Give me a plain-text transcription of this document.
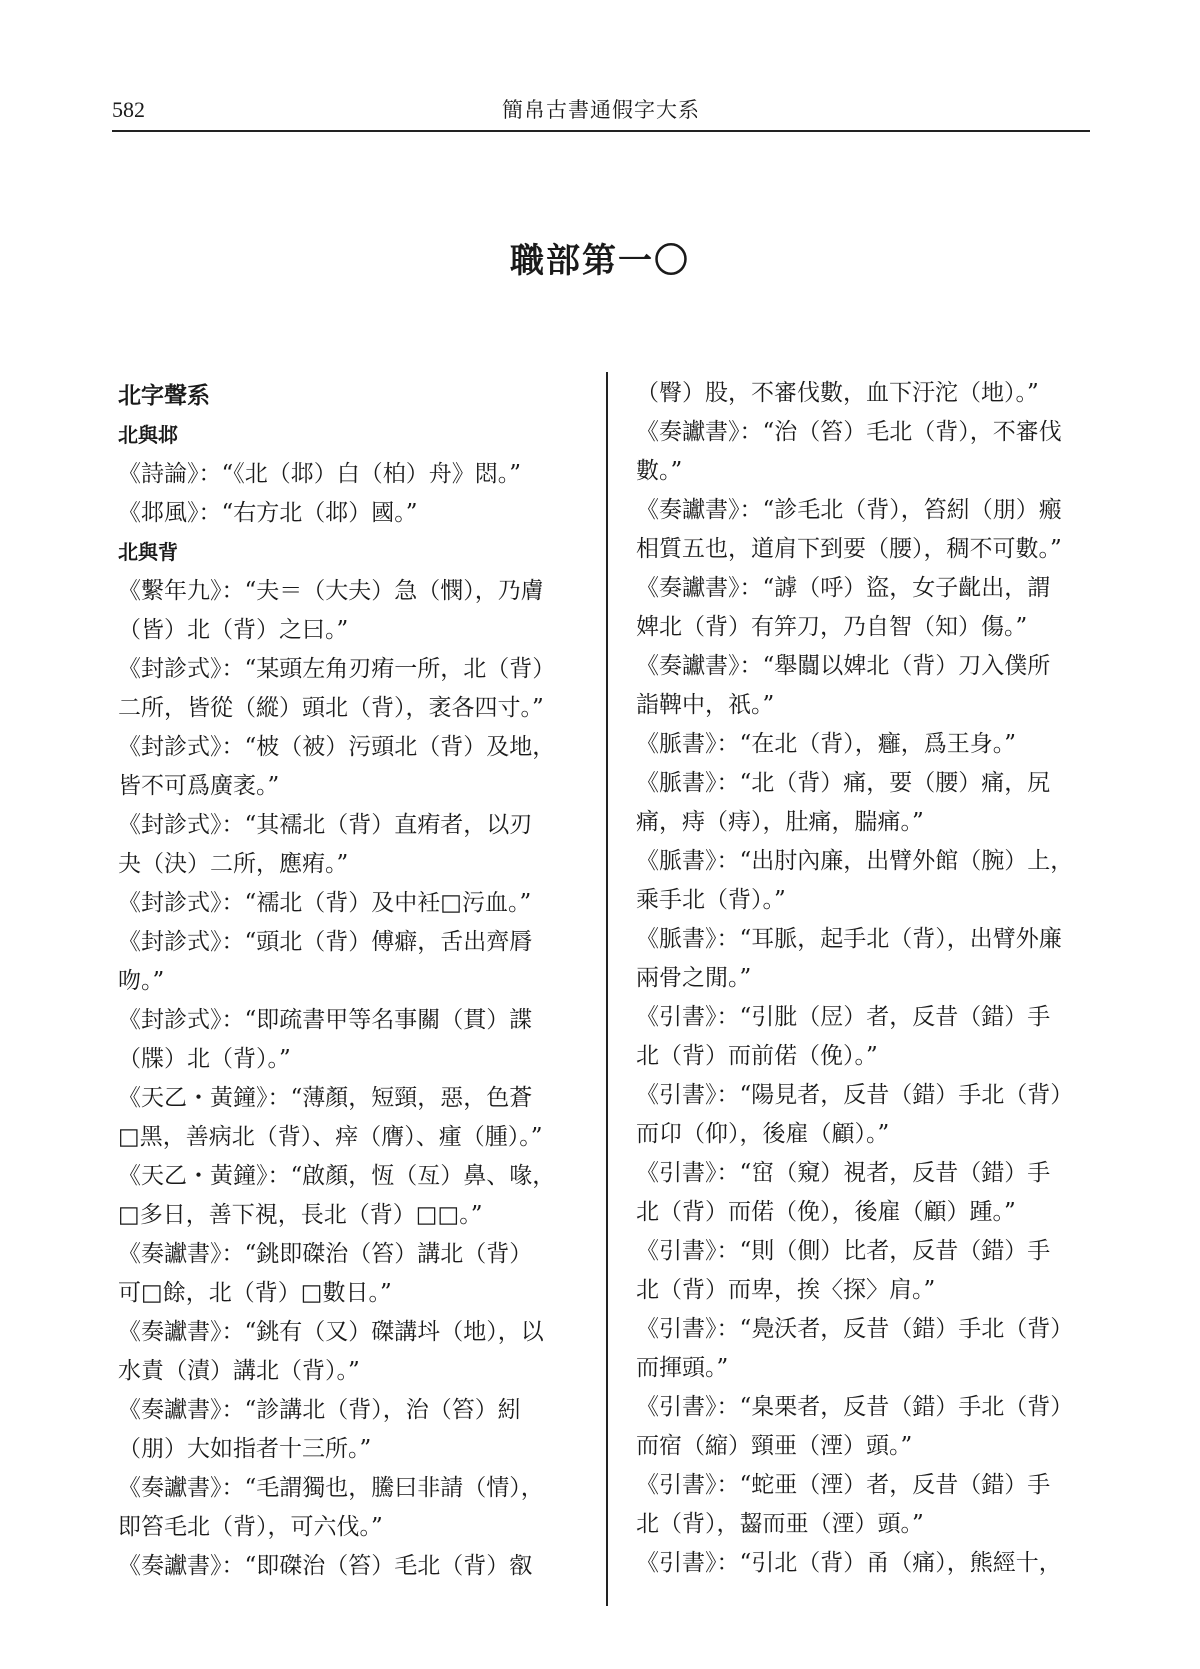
582	簡帛古書通假字大系
職部第一〇
北字聲系
北與邶
《詩論》：“《北（邶）白（柏）舟》悶。”
《邶風》：“右方北（邶）國。”
北與背
《繫年九》：“夫＝（大夫）急（憫），乃膚
（皆）北（背）之曰。”
《封診式》：“某頭左角刃痏一所，北（背）
二所，皆從（縱）頭北（背），袤各四寸。”
《封診式》：“柀（被）污頭北（背）及地，
皆不可爲廣袤。”
《封診式》：“其襦北（背）直痏者，以刃
夬（決）二所，應痏。”
《封診式》：“襦北（背）及中衽□污血。”
《封診式》：“頭北（背）傅癖，舌出齊脣
吻。”
《封診式》：“即疏書甲等名事關（貫）諜
（牒）北（背）。”
《天乙・黃鐘》：“薄顏，短頸，惡，色蒼
□黑，善病北（背）、㾕（膺）、瘇（腫）。”
《天乙・黃鐘》：“啟顏，恆（亙）鼻、喙，
□多日，善下視，長北（背）□□。”
《奏讞書》：“銚即磔治（笞）講北（背）
可□餘，北（背）□數日。”
《奏讞書》：“銚有（又）磔講㘰（地），以
水責（漬）講北（背）。”
《奏讞書》：“診講北（背），治（笞）紖
（朋）大如指者十三所。”
《奏讞書》：“毛謂獨也，騰曰非請（情），
即笞毛北（背），可六伐。”
《奏讞書》：“即磔治（笞）毛北（背）㕡
（臀）股，不審伐數，血下汙沱（地）。”
《奏讞書》：“治（笞）毛北（背），不審伐
數。”
《奏讞書》：“診毛北（背），笞紖（朋）瘢
相質五也，道肩下到要（腰），稠不可數。”
《奏讞書》：“謼（呼）盜，女子齔出，謂
婢北（背）有笄刀，乃自智（知）傷。”
《奏讞書》：“舉闒以婢北（背）刀入僕所
詣鞞中，祇。”
《脈書》：“在北（背），癰，爲王身。”
《脈書》：“北（背）痛，要（腰）痛，尻
痛，痔（痔），肚痛，腨痛。”
《脈書》：“出肘內廉，出臂外館（腕）上，
乘手北（背）。”
《脈書》：“耳脈，起手北（背），出臂外廉
兩骨之閒。”
《引書》：“引肶（㞐）者，反昔（錯）手
北（背）而前偌（俛）。”
《引書》：“陽見者，反昔（錯）手北（背）
而卬（仰），後雇（顧）。”
《引書》：“窋（窺）視者，反昔（錯）手
北（背）而偌（俛），後雇（顧）踵。”
《引書》：“則（側）比者，反昔（錯）手
北（背）而卑，挨〈探〉肩。”
《引書》：“鳧沃者，反昔（錯）手北（背）
而揮頭。”
《引書》：“臬栗者，反昔（錯）手北（背）
而宿（縮）頸亜（湮）頭。”
《引書》：“蛇亜（湮）者，反昔（錯）手
北（背），齧而亜（湮）頭。”
《引書》：“引北（背）甬（痛），熊經十，
